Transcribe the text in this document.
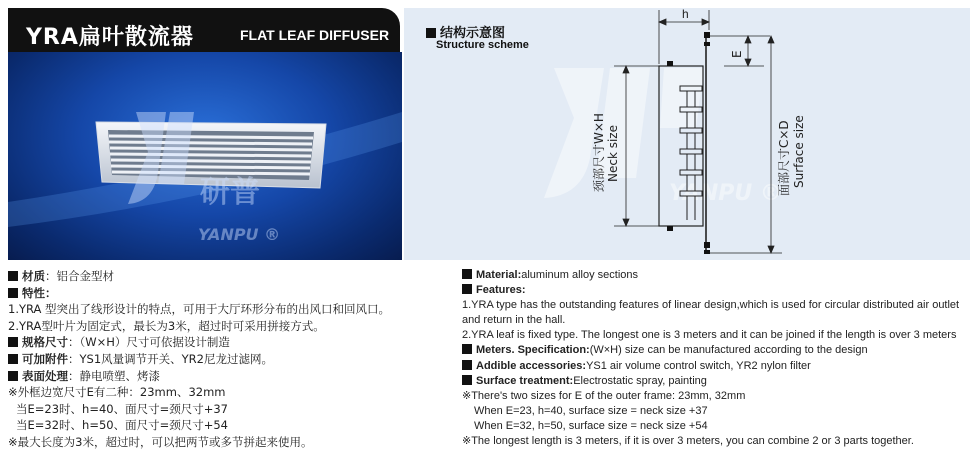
YRA扁叶散流器	FLAT LEAF DIFFUSER
研普
YANPU ®
结构示意图
Structure scheme
YANPU ®
h
E
颈部尺寸W×H Neck size	面部尺寸C×D Surface size
材质：铝合金型材
特性：
1.YRA 型突出了线形设计的特点，可用于大厅环形分布的出风口和回风口。
2.YRA型叶片为固定式，最长为3米，超过时可采用拼接方式。
规格尺寸：（W×H）尺寸可依据设计制造
可加附件：YS1风量调节开关、YR2尼龙过滤网。
表面处理：静电喷塑、烤漆
※外框边宽尺寸E有二种：23mm、32mm
当E=23时、h=40、面尺寸=颈尺寸+37
当E=32时、h=50、面尺寸=颈尺寸+54
※最大长度为3米，超过时，可以把两节或多节拼起来使用。
Material:aluminum alloy sections
Features:
1.YRA type has the outstanding features of linear design,which is used for circular distributed air outlet and return in the hall.
2.YRA leaf is fixed type. The longest one is 3 meters and it can be joined if the length is over 3 meters
Meters. Specification:(W×H) size can be manufactured according to the design
Addible accessories:YS1 air volume control switch, YR2 nylon filter
Surface treatment:Electrostatic spray, painting
※There's two sizes for E of the outer frame: 23mm, 32mm
When E=23, h=40, surface size = neck size +37
When E=32, h=50, surface size = neck size +54
※The longest length is 3 meters, if it is over 3 meters, you can combine 2 or 3 parts together.
